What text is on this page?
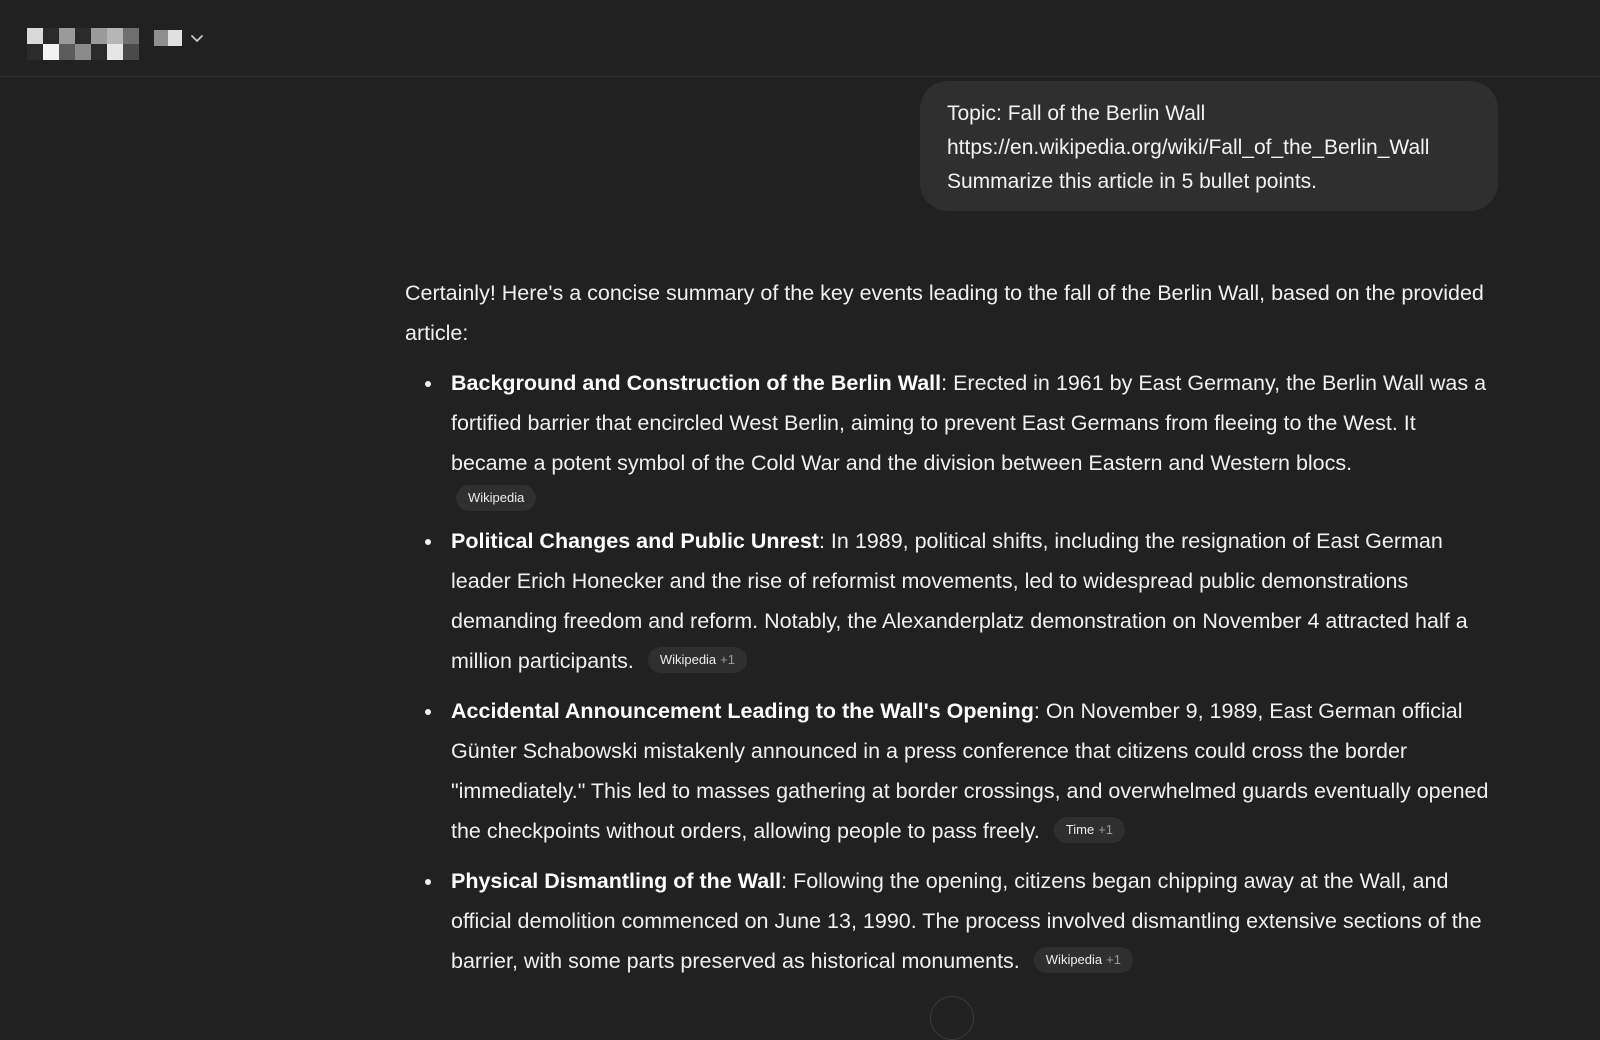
Topic: Fall of the Berlin Wall
https://en.wikipedia.org/wiki/Fall_of_the_Berlin_Wall
Summarize this article in 5 bullet points.

Certainly! Here's a concise summary of the key events leading to the fall of the Berlin Wall, based on the provided article:

Background and Construction of the Berlin Wall: Erected in 1961 by East Germany, the Berlin Wall was a fortified barrier that encircled West Berlin, aiming to prevent East Germans from fleeing to the West. It became a potent symbol of the Cold War and the division between Eastern and Western blocs.
Wikipedia
Political Changes and Public Unrest: In 1989, political shifts, including the resignation of East German leader Erich Honecker and the rise of reformist movements, led to widespread public demonstrations demanding freedom and reform. Notably, the Alexanderplatz demonstration on November 4 attracted half a million participants. Wikipedia +1
Accidental Announcement Leading to the Wall's Opening: On November 9, 1989, East German official Günter Schabowski mistakenly announced in a press conference that citizens could cross the border "immediately." This led to masses gathering at border crossings, and overwhelmed guards eventually opened the checkpoints without orders, allowing people to pass freely. Time +1
Physical Dismantling of the Wall: Following the opening, citizens began chipping away at the Wall, and official demolition commenced on June 13, 1990. The process involved dismantling extensive sections of the barrier, with some parts preserved as historical monuments. Wikipedia +1
